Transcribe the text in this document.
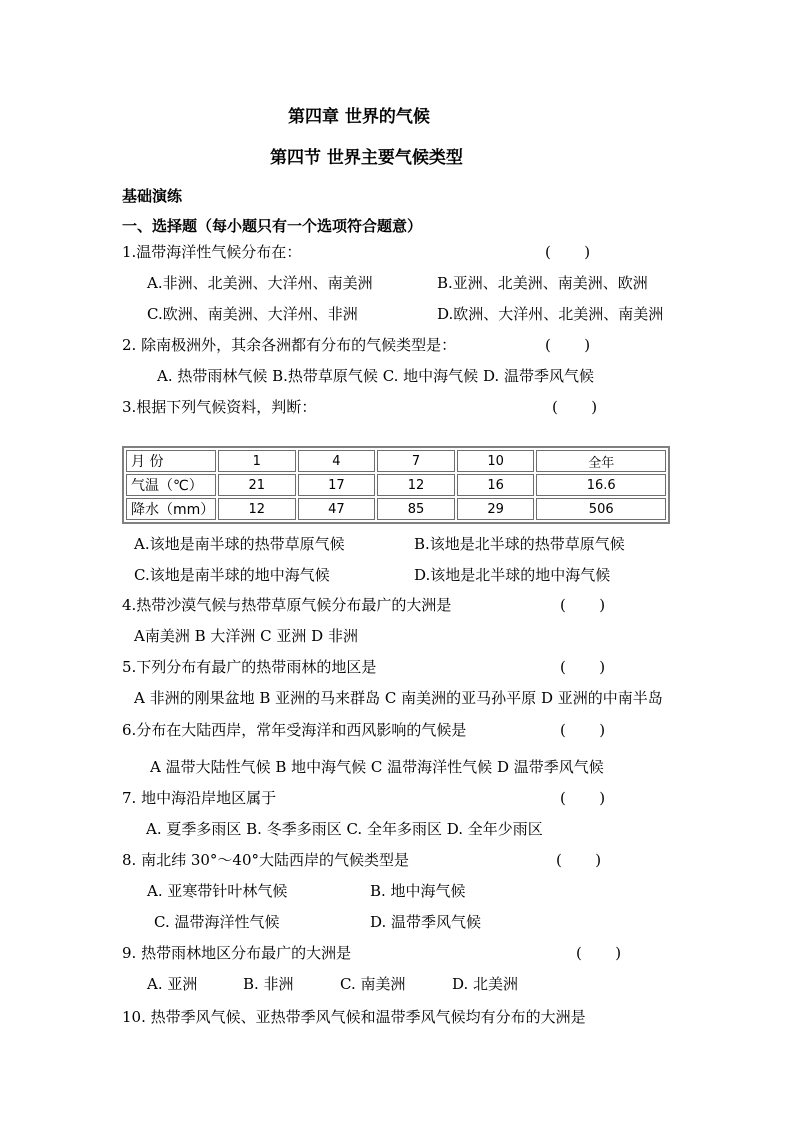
第四章 世界的气候
第四节 世界主要气候类型
基础演练
一、选择题（每小题只有一个选项符合题意）
1.温带海洋性气候分布在：	(       )
A.非洲、北美洲、大洋州、南美洲	B.亚洲、北美洲、南美洲、欧洲
C.欧洲、南美洲、大洋州、非洲	D.欧洲、大洋州、北美洲、南美洲
2. 除南极洲外，其余各洲都有分布的气候类型是：	(       )
A. 热带雨林气候 B.热带草原气候 C. 地中海气候 D. 温带季风气候
3.根据下列气候资料，判断：	(       )
月 份	1	4	7	10	全年
气温（℃）	21	17	12	16	16.6
降水（mm）	12	47	85	29	506
A.该地是南半球的热带草原气候	B.该地是北半球的热带草原气候
C.该地是南半球的地中海气候	D.该地是北半球的地中海气候
4.热带沙漠气候与热带草原气候分布最广的大洲是	(       )
A南美洲 B 大洋洲 C 亚洲 D 非洲
5.下列分布有最广的热带雨林的地区是	(       )
A 非洲的刚果盆地 B 亚洲的马来群岛 C 南美洲的亚马孙平原 D 亚洲的中南半岛
6.分布在大陆西岸，常年受海洋和西风影响的气候是	(       )
A 温带大陆性气候 B 地中海气候 C 温带海洋性气候 D 温带季风气候
7. 地中海沿岸地区属于	(       )
A. 夏季多雨区 B. 冬季多雨区 C. 全年多雨区 D. 全年少雨区
8. 南北纬 30°～40°大陆西岸的气候类型是	(       )
A. 亚寒带针叶林气候	B. 地中海气候
C. 温带海洋性气候	D. 温带季风气候
9. 热带雨林地区分布最广的大洲是	(       )
A. 亚洲	B. 非洲	C. 南美洲	D. 北美洲
10. 热带季风气候、亚热带季风气候和温带季风气候均有分布的大洲是
